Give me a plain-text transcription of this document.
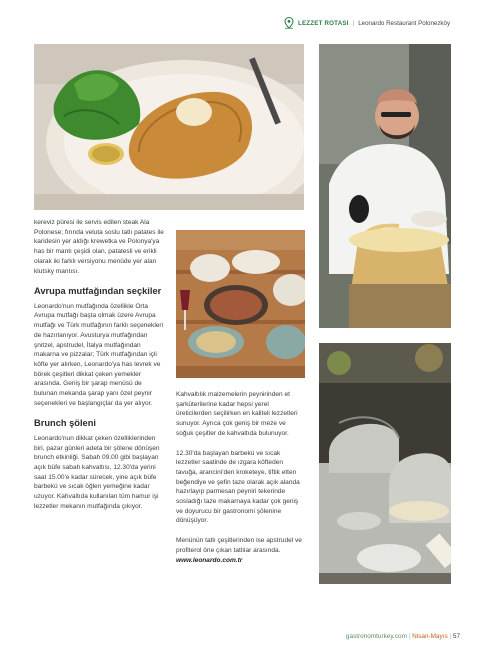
LEZZET ROTASI | Leonardo Restaurant Polonezköy

kereviz püresi ile servis edilen steak Ala Polonese; fırında veluta soslu tatlı patates ile karidesin yer aldığı krewetka ve Polonya'ya has bir mantı çeşidi olan, patatesli ve erikli olarak iki farklı versiyonu menüde yer alan klutsky mantısı.

Avrupa mutfağından seçkiler

Leonardo'nun mutfağında özellikle Orta Avrupa mutfağı başta olmak üzere Avrupa mutfağı ve Türk mutfağının farklı seçenekleri de hazırlanıyor. Avusturya mutfağından şnitzel, apstrudel, İtalya mutfağından makarna ve pizzalar; Türk mutfağından içli köfte yer alırken, Leonardo'ya has levrek ve börek çeşitleri dikkat çeken yemekler arasında. Geniş bir şarap menüsü de bulunan mekanda şarap yanı özel peynir seçenekleri ve başlangıçlar da yer alıyor.

Brunch şöleni

Leonardo'nun dikkat çeken özelliklerinden biri, pazar günleri adeta bir şölene dönüşen brunch etkinliği. Sabah 09.00 gibi başlayan açık büfe sabah kahvaltısı, 12.30'da yerini saat 15.00'e kadar sürecek, yine açık büfe barbekü ve sıcak öğlen yemeğine kadar uzuyor. Kahvaltıda kullanılan tüm hamur işi lezzetler mekanın mutfağında çıkıyor.

Kahvaltılık malzemelerin peynirinden et şarküterilerine kadar hepsi yerel üreticilerden seçilirken en kaliteli lezzetleri sunuyor. Ayrıca çok geniş bir meze ve soğuk çeşitler de kahvaltıda bulunuyor.

12.30'da başlayan barbekü ve sıcak lezzetler saatinde de ızgara köfteden tavuğa, arancini'den kroketeye, tiftik etten beğendiye ve şefin taze olarak açık alanda hazırlayıp parmesan peyniri tekerinde sosladığı taze makarnaya kadar çok geniş ve doyurucu bir gastronomi şölenine dönüşüyor.

Menünün tatlı çeşitlerinden ise apstrudel ve profiterol öne çıkan tatlılar arasında.

www.leonardo.com.tr

gastronomturkey.com | Nisan-Mayıs | 57
